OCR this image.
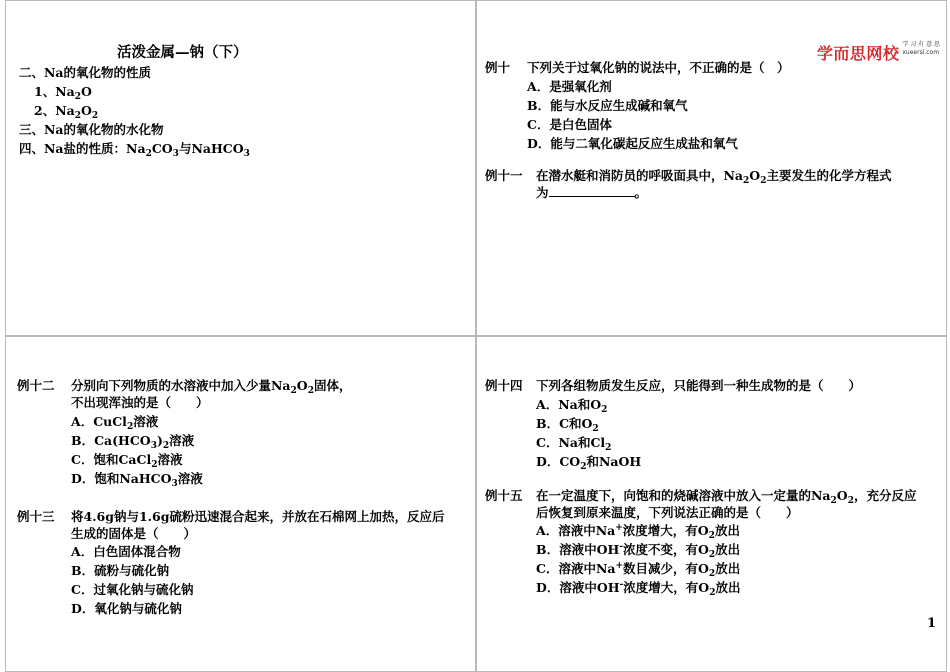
活泼金属—钠（下）
二、Na的氧化物的性质
1、$Na_2O$
2、$Na_2O_2$
三、Na的氧化物的水化物
四、Na盐的性质：$Na_2CO_3$与NaHCO$_3$
学而思网校 学 习 有 意 思
xueersi.com
例十 下列关于过氧化钠的说法中，不正确的是（　）
A．是强氧化剂
B．能与水反应生成碱和氧气
C．是白色固体
D．能与二氧化碳起反应生成盐和氧气
例十一 在潜水艇和消防员的呼吸面具中，$Na_2O_2$主要发生的化学方程式
为	。
例十二 分别向下列物质的水溶液中加入少量$Na_2O_2$固体，
不出现浑浊的是（　　）
A．CuCl$_2$溶液
B．$Ca(HCO_3)_2$溶液
C．饱和CaCl$_2$溶液
D．饱和NaHCO$_3$溶液
例十三 将4.6g钠与1.6g硫粉迅速混合起来，并放在石棉网上加热，反应后
生成的固体是（　　）
A．白色固体混合物
B．硫粉与硫化钠
C．过氧化钠与硫化钠
D．氧化钠与硫化钠
例十四 下列各组物质发生反应，只能得到一种生成物的是（　　）
A．Na和$O_2$
B．C和$O_2$
C．Na和$Cl_2$
D．$CO_2$和NaOH
例十五 在一定温度下，向饱和的烧碱溶液中放入一定量的$Na_2O_2$，充分反应
后恢复到原来温度，下列说法正确的是（　　）
A．溶液中Na+浓度增大，有$O_2$放出
B．溶液中OH-浓度不变，有$O_2$放出
C．溶液中Na+数目减少，有$O_2$放出
D．溶液中OH-浓度增大，有$O_2$放出
1
